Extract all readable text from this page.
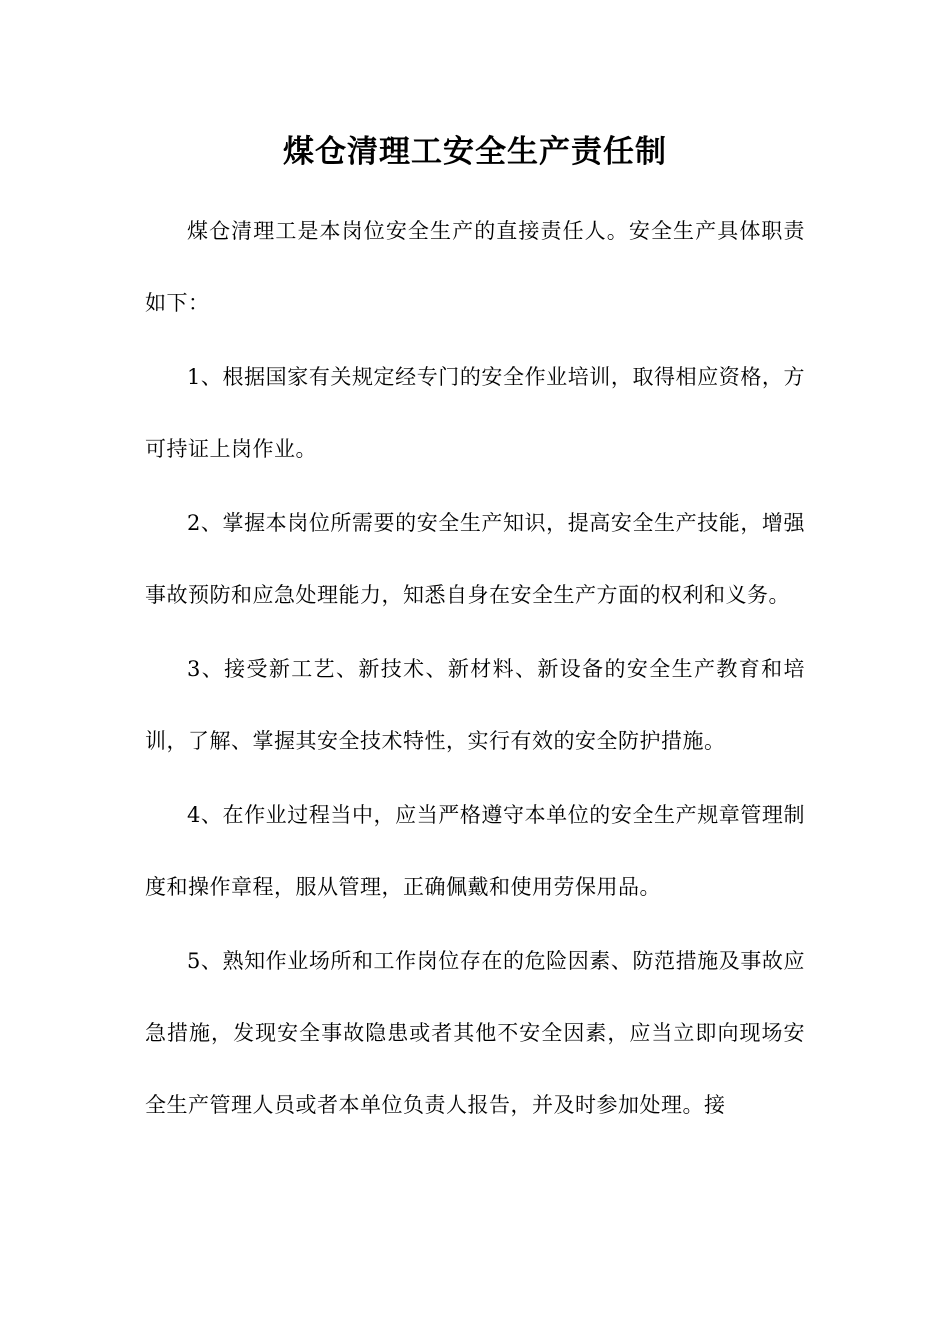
煤仓清理工安全生产责任制

煤仓清理工是本岗位安全生产的直接责任人。安全生产具体职责如下：

1、根据国家有关规定经专门的安全作业培训，取得相应资格，方可持证上岗作业。

2、掌握本岗位所需要的安全生产知识，提高安全生产技能，增强事故预防和应急处理能力，知悉自身在安全生产方面的权利和义务。

3、接受新工艺、新技术、新材料、新设备的安全生产教育和培训，了解、掌握其安全技术特性，实行有效的安全防护措施。

4、在作业过程当中，应当严格遵守本单位的安全生产规章管理制度和操作章程，服从管理，正确佩戴和使用劳保用品。

5、熟知作业场所和工作岗位存在的危险因素、防范措施及事故应急措施，发现安全事故隐患或者其他不安全因素，应当立即向现场安全生产管理人员或者本单位负责人报告，并及时参加处理。接
